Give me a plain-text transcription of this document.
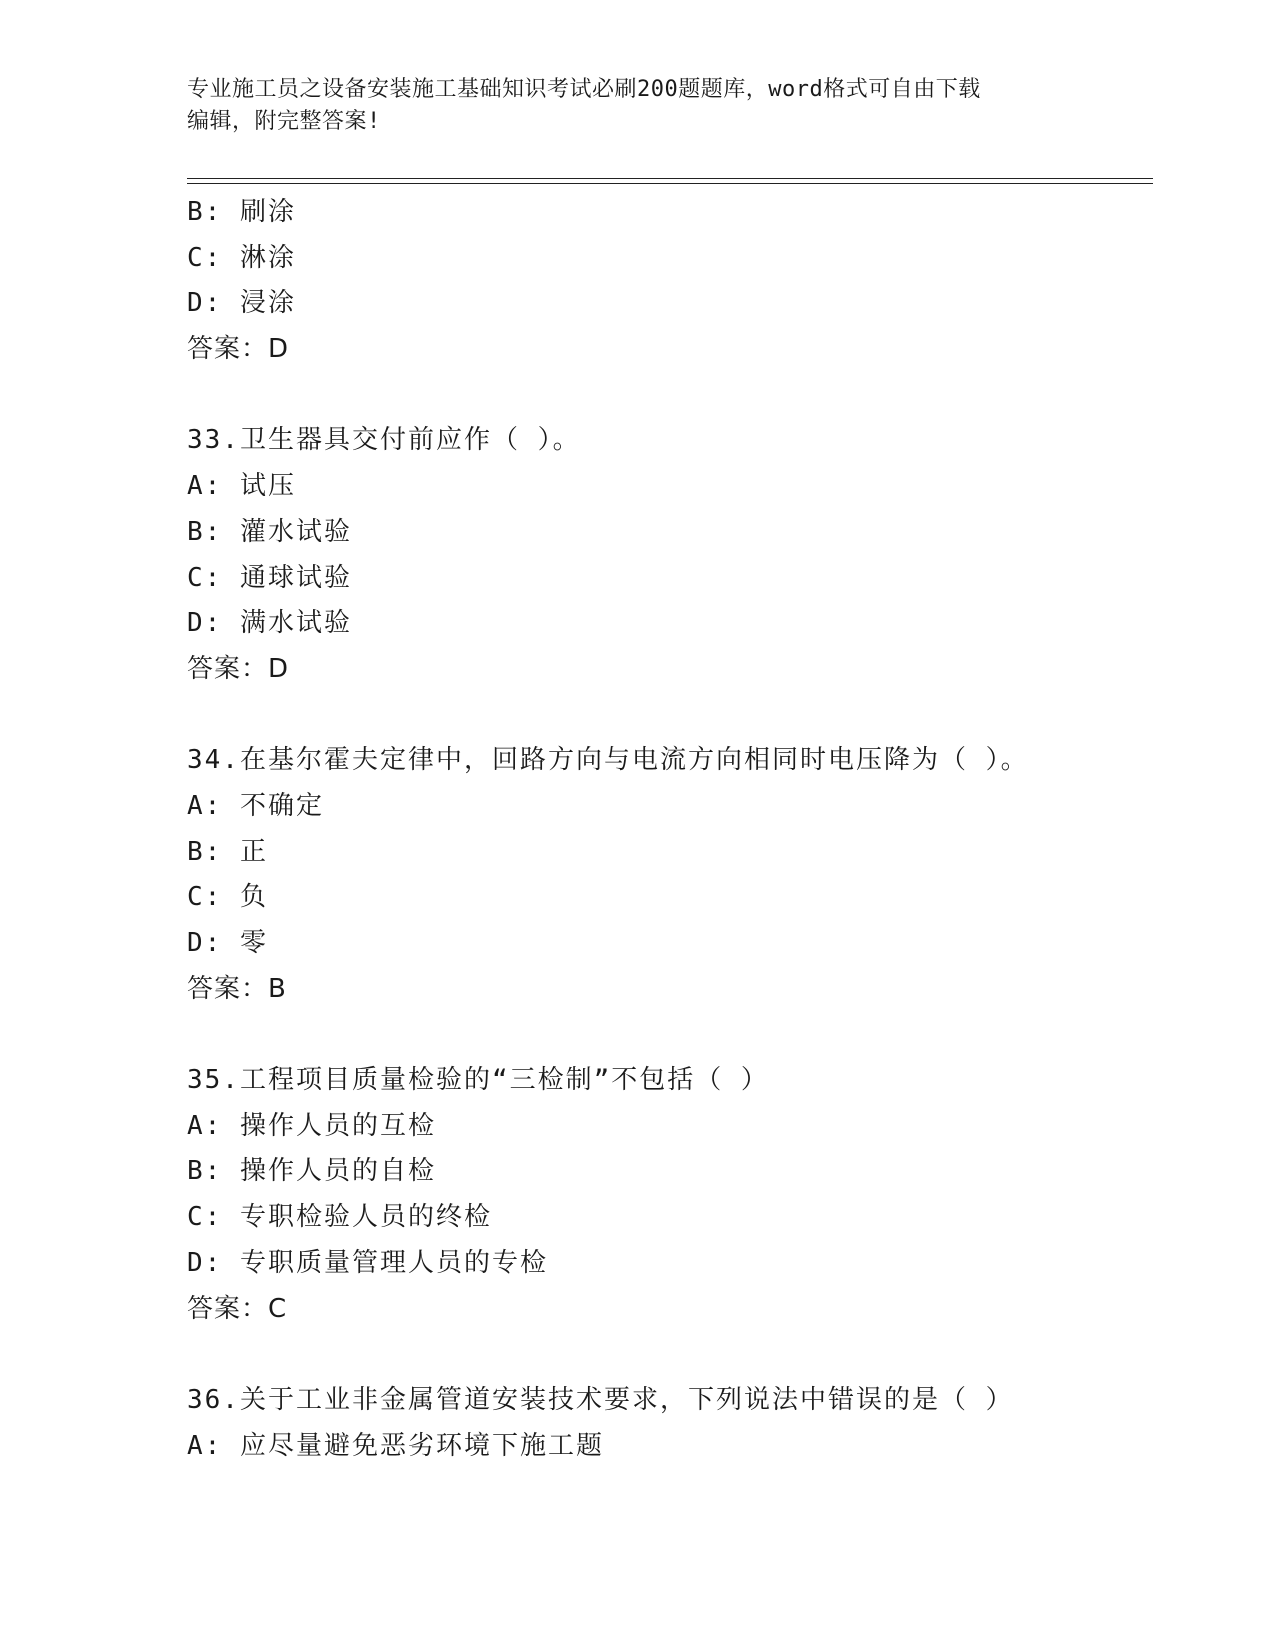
专业施工员之设备安装施工基础知识考试必刷200题题库，word格式可自由下载
编辑，附完整答案!
B: 刷涂
C: 淋涂
D: 浸涂
答案：D
33.卫生器具交付前应作（ ）。
A: 试压
B: 灌水试验
C: 通球试验
D: 满水试验
答案：D
34.在基尔霍夫定律中，回路方向与电流方向相同时电压降为（ ）。
A: 不确定
B: 正
C: 负
D: 零
答案：B
35.工程项目质量检验的“三检制”不包括（ ）
A: 操作人员的互检
B: 操作人员的自检
C: 专职检验人员的终检
D: 专职质量管理人员的专检
答案：C
36.关于工业非金属管道安装技术要求，下列说法中错误的是（ ）
A: 应尽量避免恶劣环境下施工题
